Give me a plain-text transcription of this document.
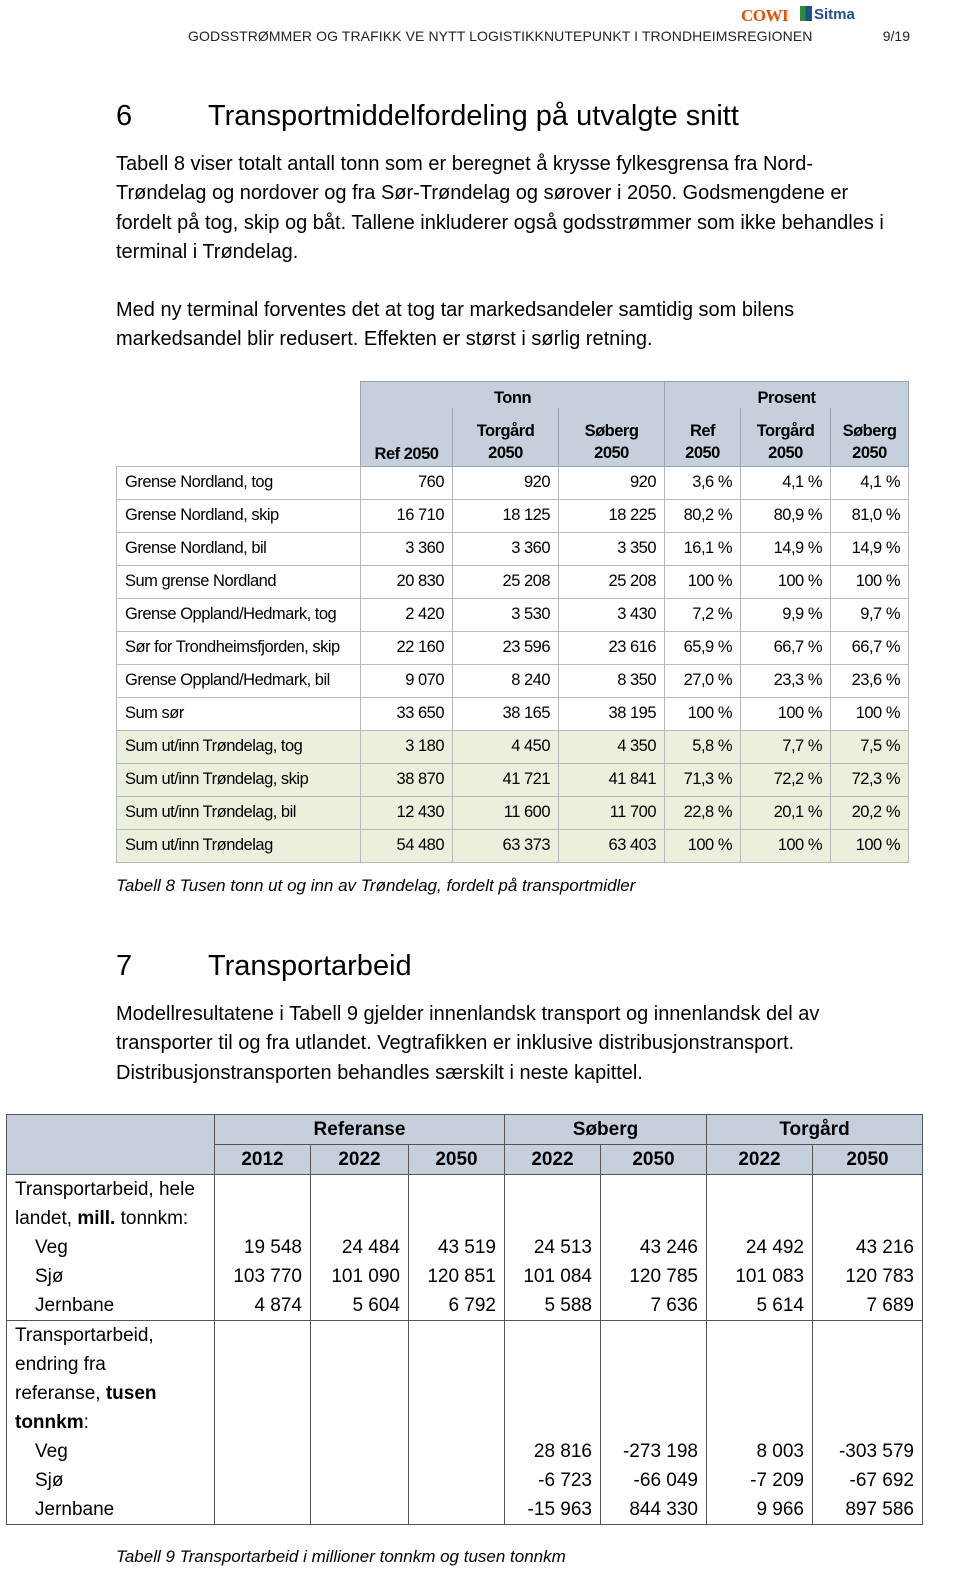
COWI	Sitma
GODSSTRØMMER OG TRAFIKK VE NYTT LOGISTIKKNUTEPUNKT I TRONDHEIMSREGIONEN	9/19
6	Transportmiddelfordeling på utvalgte snitt
Tabell 8 viser totalt antall tonn som er beregnet å krysse fylkesgrensa fra Nord-Trøndelag og nordover og fra Sør-Trøndelag og sørover i 2050. Godsmengdene er fordelt på tog, skip og båt. Tallene inkluderer også godsstrømmer som ikke behandles i terminal i Trøndelag.
Med ny terminal forventes det at tog tar markedsandeler samtidig som bilens markedsandel blir redusert. Effekten er størst i sørlig retning.
	Tonn			Prosent		
	Ref 2050	Torgård 2050	Søberg 2050	Ref 2050	Torgård 2050	Søberg 2050
Grense Nordland, tog	760	920	920	3,6 %	4,1 %	4,1 %
Grense Nordland, skip	16 710	18 125	18 225	80,2 %	80,9 %	81,0 %
Grense Nordland, bil	3 360	3 360	3 350	16,1 %	14,9 %	14,9 %
Sum grense Nordland	20 830	25 208	25 208	100 %	100 %	100 %
Grense Oppland/Hedmark, tog	2 420	3 530	3 430	7,2 %	9,9 %	9,7 %
Sør for Trondheimsfjorden, skip	22 160	23 596	23 616	65,9 %	66,7 %	66,7 %
Grense Oppland/Hedmark, bil	9 070	8 240	8 350	27,0 %	23,3 %	23,6 %
Sum sør	33 650	38 165	38 195	100 %	100 %	100 %
Sum ut/inn Trøndelag, tog	3 180	4 450	4 350	5,8 %	7,7 %	7,5 %
Sum ut/inn Trøndelag, skip	38 870	41 721	41 841	71,3 %	72,2 %	72,3 %
Sum ut/inn Trøndelag, bil	12 430	11 600	11 700	22,8 %	20,1 %	20,2 %
Sum ut/inn Trøndelag	54 480	63 373	63 403	100 %	100 %	100 %
Tabell 8 Tusen tonn ut og inn av Trøndelag, fordelt på transportmidler
7	Transportarbeid
Modellresultatene i Tabell 9 gjelder innenlandsk transport og innenlandsk del av transporter til og fra utlandet. Vegtrafikken er inklusive distribusjonstransport. Distribusjonstransporten behandles særskilt i neste kapittel.
	Referanse			Søberg		Torgård	
	2012	2022	2050	2022	2050	2022	2050
Transportarbeid, hele							
landet, mill. tonnkm:							
Veg	19 548	24 484	43 519	24 513	43 246	24 492	43 216
Sjø	103 770	101 090	120 851	101 084	120 785	101 083	120 783
Jernbane	4 874	5 604	6 792	5 588	7 636	5 614	7 689
Transportarbeid,							
endring fra							
referanse, tusen							
tonnkm:							
Veg				28 816	-273 198	8 003	-303 579
Sjø				-6 723	-66 049	-7 209	-67 692
Jernbane				-15 963	844 330	9 966	897 586
Tabell 9 Transportarbeid i millioner tonnkm og tusen tonnkm
